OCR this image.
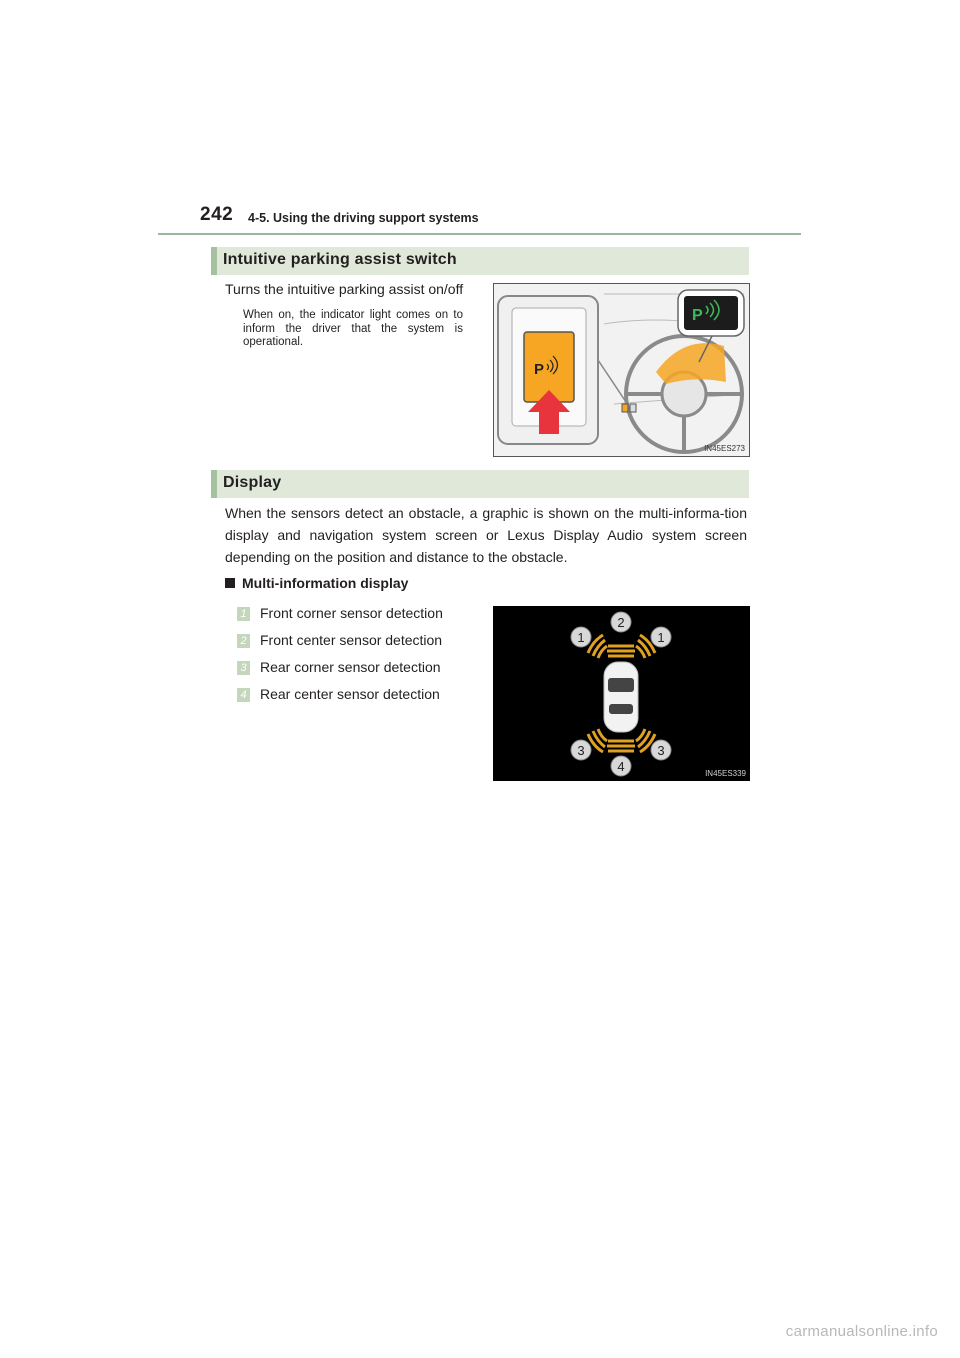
242 4-5. Using the driving support systems
Intuitive parking assist switch
Turns the intuitive parking assist on/off
When on, the indicator light comes on to inform the driver that the system is operational.
P
P
IN45ES273
Display
When the sensors detect an obstacle, a graphic is shown on the multi-informa-tion display and navigation system screen or Lexus Display Audio system screen depending on the position and distance to the obstacle.
Multi-information display
1 Front corner sensor detection
2 Front center sensor detection
3 Rear corner sensor detection
4 Rear center sensor detection
1
2
1
3
4
3
IN45ES339
carmanualsonline.info
